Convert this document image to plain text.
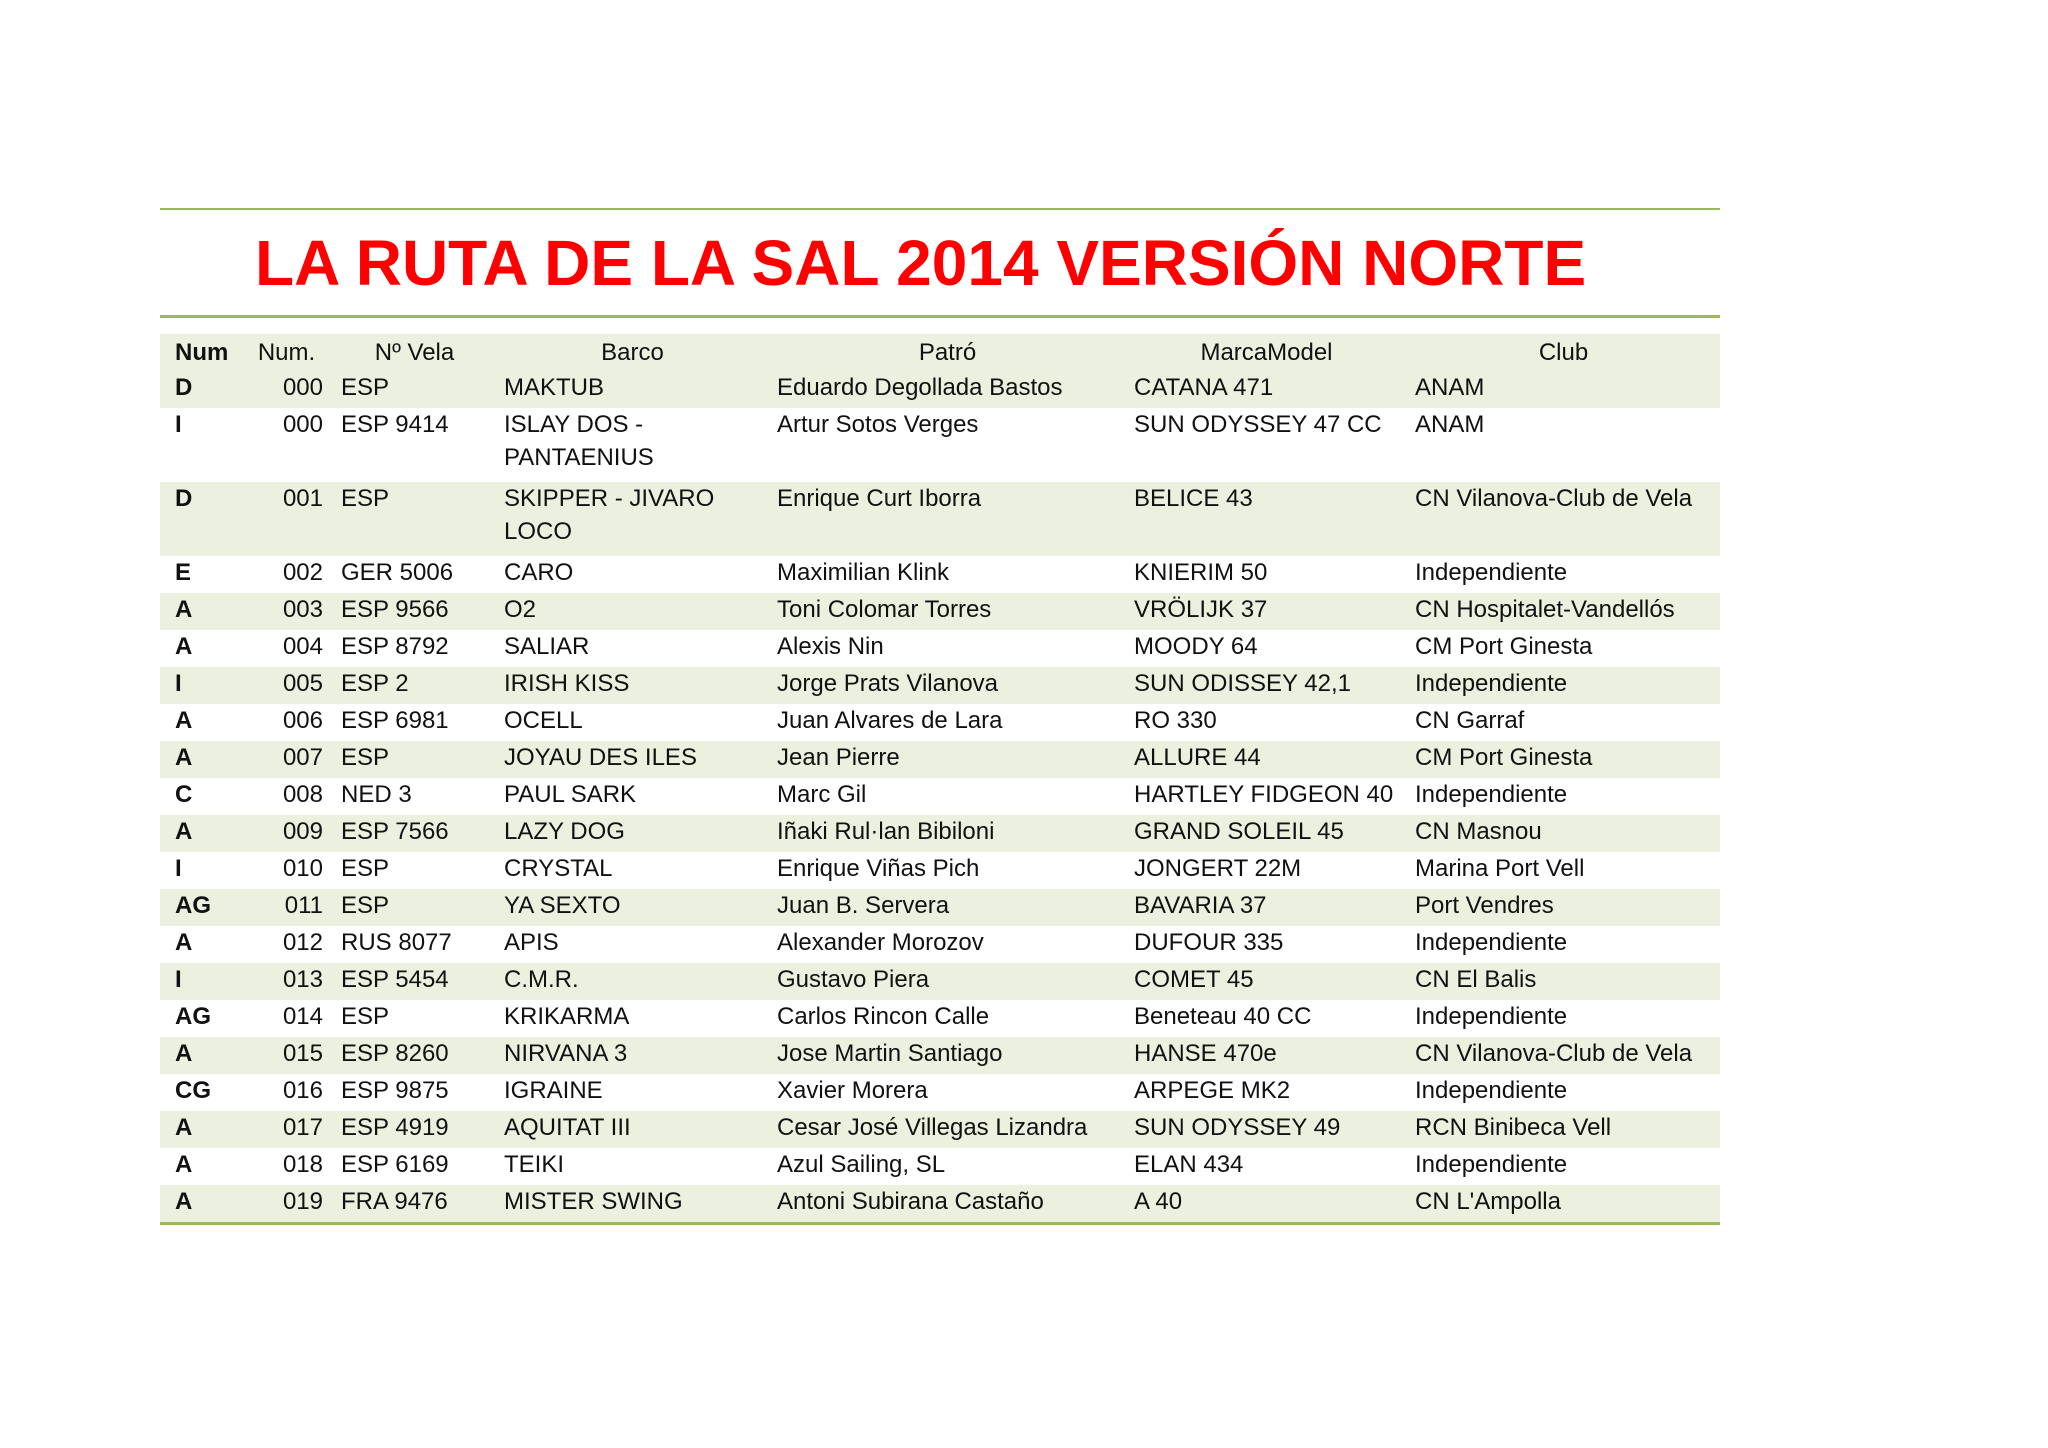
LA RUTA DE LA SAL 2014 VERSIÓN NORTE
Num	Num.	Nº Vela	Barco	Patró	MarcaModel	Club
D	000	ESP	MAKTUB	Eduardo Degollada Bastos	CATANA 471	ANAM
I	000	ESP 9414	ISLAY DOS - PANTAENIUS	Artur Sotos Verges	SUN ODYSSEY 47 CC	ANAM
D	001	ESP	SKIPPER - JIVARO LOCO	Enrique Curt Iborra	BELICE 43	CN Vilanova-Club de Vela
E	002	GER 5006	CARO	Maximilian Klink	KNIERIM 50	Independiente
A	003	ESP 9566	O2	Toni Colomar Torres	VRÖLIJK 37	CN Hospitalet-Vandellós
A	004	ESP 8792	SALIAR	Alexis Nin	MOODY 64	CM Port Ginesta
I	005	ESP 2	IRISH KISS	Jorge Prats Vilanova	SUN ODISSEY 42,1	Independiente
A	006	ESP 6981	OCELL	Juan Alvares de Lara	RO 330	CN Garraf
A	007	ESP	JOYAU DES ILES	Jean Pierre	ALLURE 44	CM Port Ginesta
C	008	NED 3	PAUL SARK	Marc Gil	HARTLEY FIDGEON 40	Independiente
A	009	ESP 7566	LAZY DOG	Iñaki Rul·lan Bibiloni	GRAND SOLEIL 45	CN Masnou
I	010	ESP	CRYSTAL	Enrique Viñas Pich	JONGERT 22M	Marina Port Vell
AG	011	ESP	YA SEXTO	Juan B. Servera	BAVARIA 37	Port Vendres
A	012	RUS 8077	APIS	Alexander Morozov	DUFOUR 335	Independiente
I	013	ESP 5454	C.M.R.	Gustavo Piera	COMET 45	CN El Balis
AG	014	ESP	KRIKARMA	Carlos Rincon Calle	Beneteau 40 CC	Independiente
A	015	ESP 8260	NIRVANA 3	Jose Martin Santiago	HANSE 470e	CN Vilanova-Club de Vela
CG	016	ESP 9875	IGRAINE	Xavier Morera	ARPEGE MK2	Independiente
A	017	ESP 4919	AQUITAT III	Cesar José Villegas Lizandra	SUN ODYSSEY 49	RCN Binibeca Vell
A	018	ESP 6169	TEIKI	Azul Sailing, SL	ELAN 434	Independiente
A	019	FRA 9476	MISTER SWING	Antoni Subirana Castaño	A 40	CN L'Ampolla
